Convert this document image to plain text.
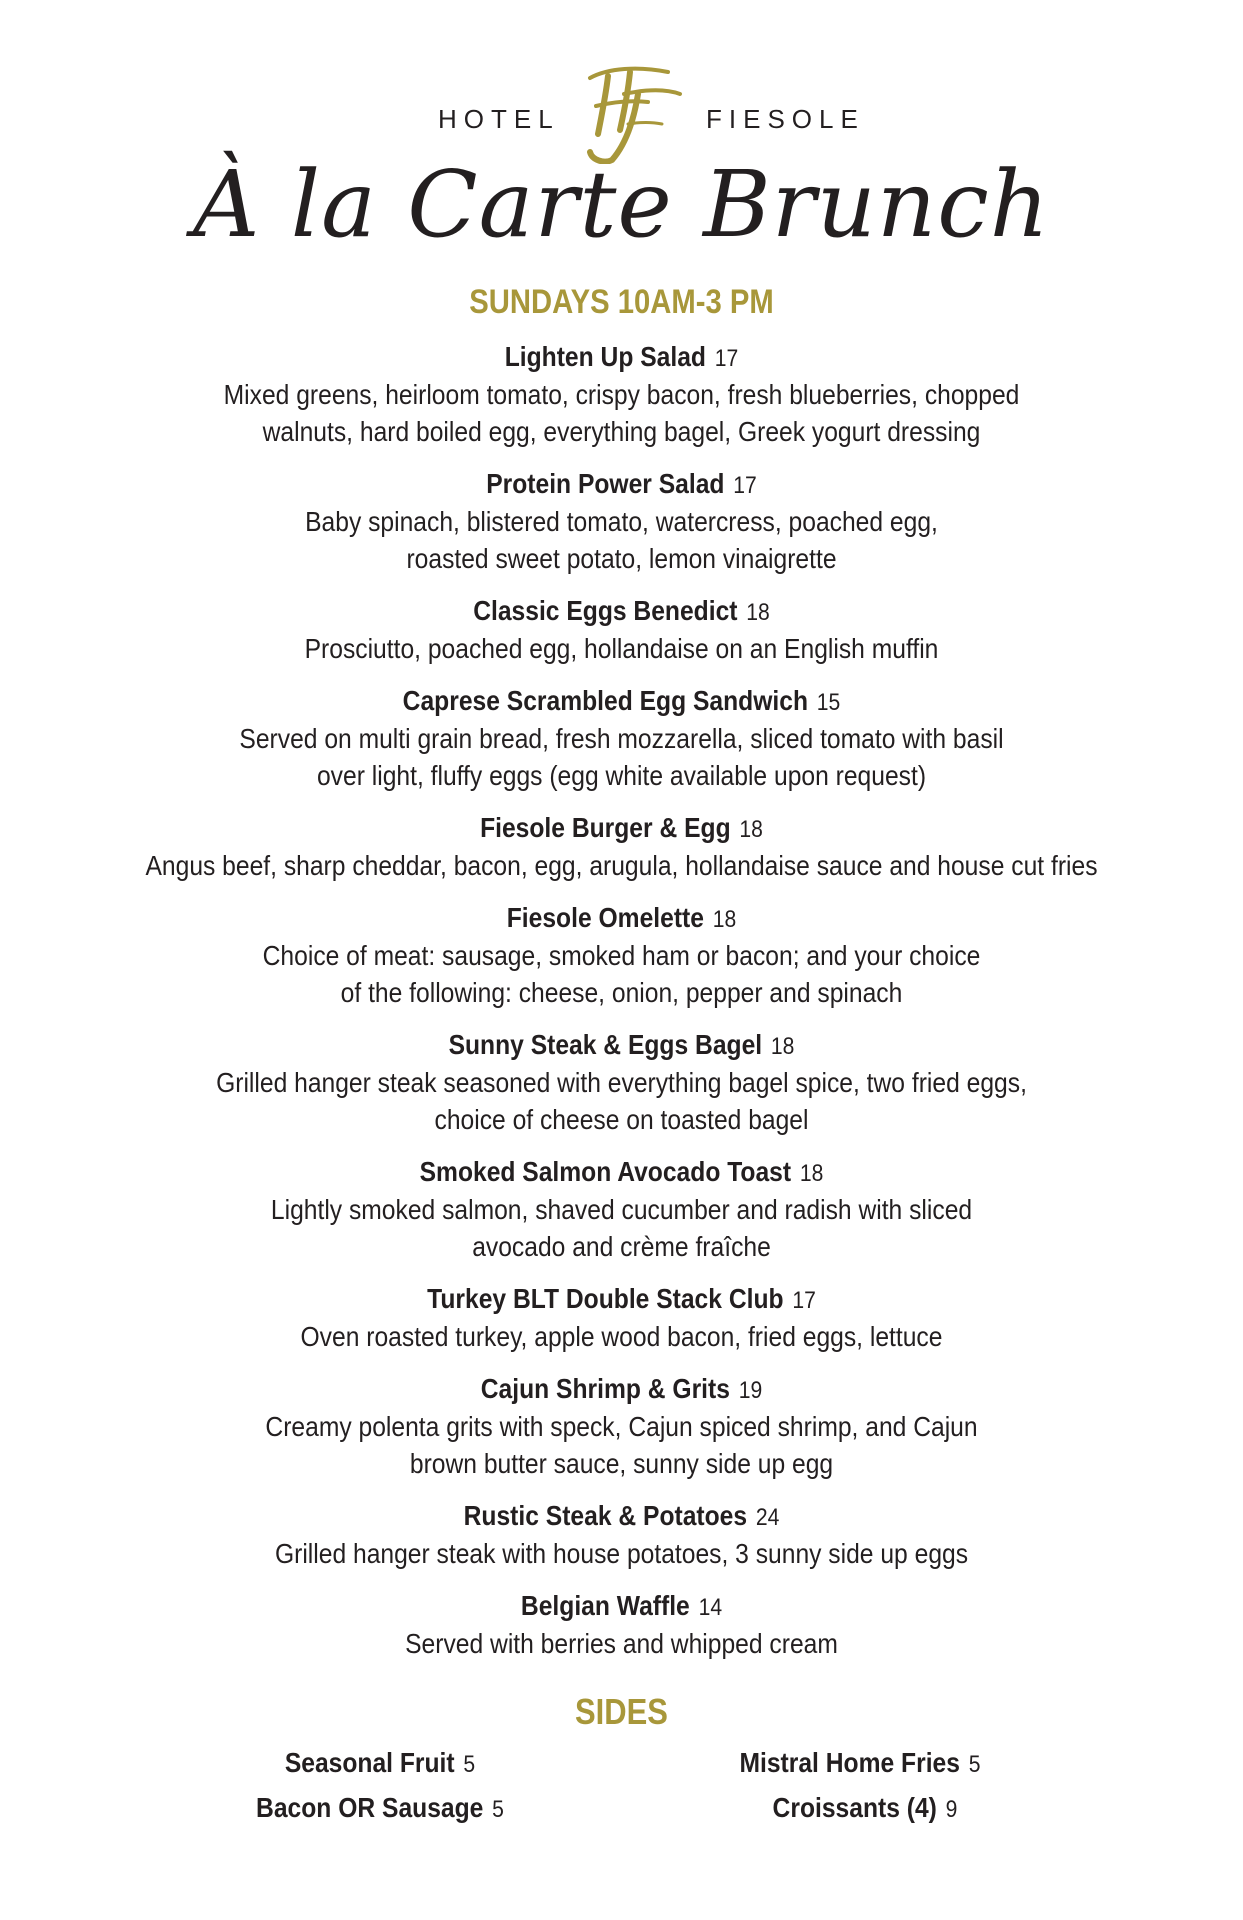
HOTEL	FIESOLE
À la Carte Brunch
SUNDAYS 10AM-3 PM
Lighten Up Salad 17
Mixed greens, heirloom tomato, crispy bacon, fresh blueberries, chopped
walnuts, hard boiled egg, everything bagel, Greek yogurt dressing
Protein Power Salad 17
Baby spinach, blistered tomato, watercress, poached egg,
roasted sweet potato, lemon vinaigrette
Classic Eggs Benedict 18
Prosciutto, poached egg, hollandaise on an English muffin
Caprese Scrambled Egg Sandwich 15
Served on multi grain bread, fresh mozzarella, sliced tomato with basil
over light, fluffy eggs (egg white available upon request)
Fiesole Burger & Egg 18
Angus beef, sharp cheddar, bacon, egg, arugula, hollandaise sauce and house cut fries
Fiesole Omelette 18
Choice of meat: sausage, smoked ham or bacon; and your choice
of the following: cheese, onion, pepper and spinach
Sunny Steak & Eggs Bagel 18
Grilled hanger steak seasoned with everything bagel spice, two fried eggs,
choice of cheese on toasted bagel
Smoked Salmon Avocado Toast 18
Lightly smoked salmon, shaved cucumber and radish with sliced
avocado and crème fraîche
Turkey BLT Double Stack Club 17
Oven roasted turkey, apple wood bacon, fried eggs, lettuce
Cajun Shrimp & Grits 19
Creamy polenta grits with speck, Cajun spiced shrimp, and Cajun
brown butter sauce, sunny side up egg
Rustic Steak & Potatoes 24
Grilled hanger steak with house potatoes, 3 sunny side up eggs
Belgian Waffle 14
Served with berries and whipped cream
SIDES
Seasonal Fruit 5
Bacon OR Sausage 5
Mistral Home Fries 5
Croissants (4) 9
